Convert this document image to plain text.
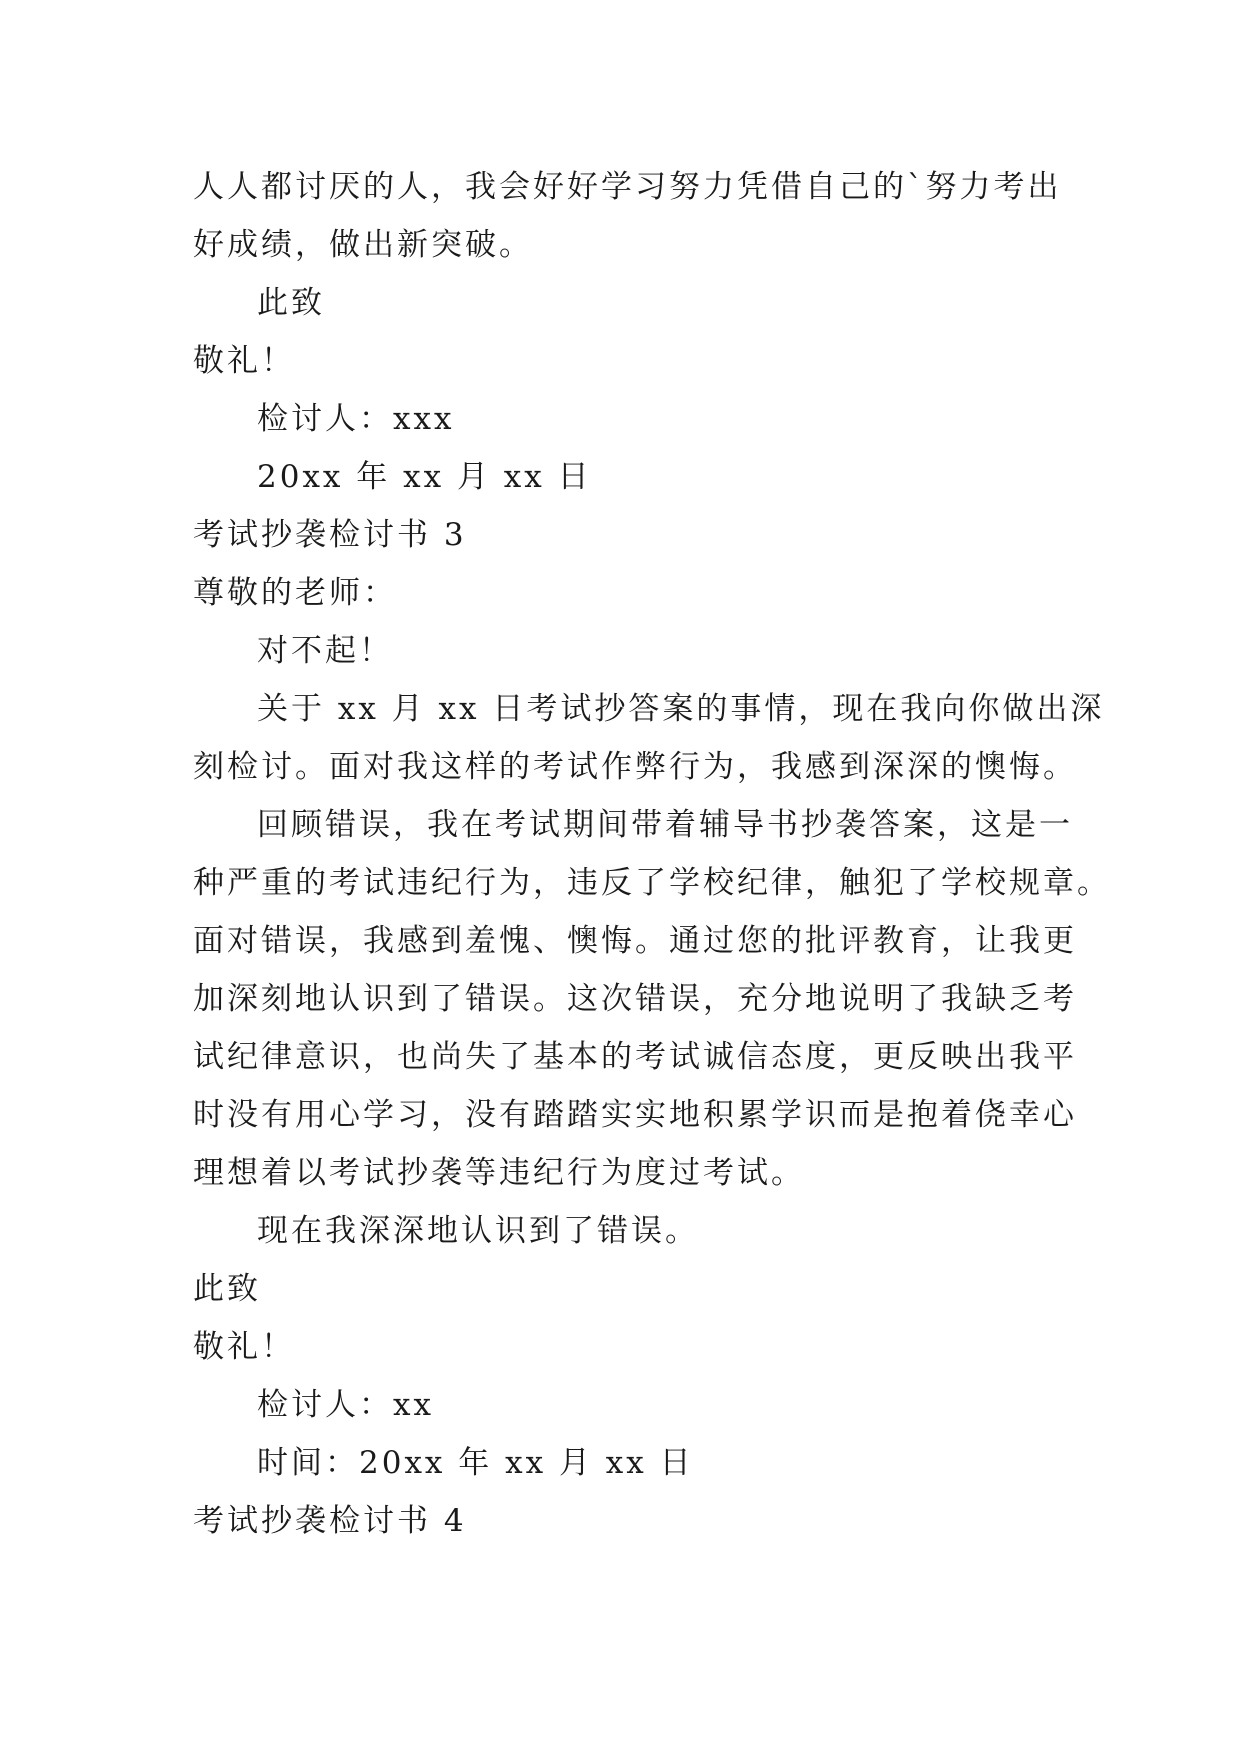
人人都讨厌的人，我会好好学习努力凭借自己的`努力考出
好成绩，做出新突破。
此致
敬礼！
检讨人：xxx
20xx 年 xx 月 xx 日
考试抄袭检讨书 3
尊敬的老师：
对不起！
关于 xx 月 xx 日考试抄答案的事情，现在我向你做出深
刻检讨。面对我这样的考试作弊行为，我感到深深的懊悔。
回顾错误，我在考试期间带着辅导书抄袭答案，这是一
种严重的考试违纪行为，违反了学校纪律，触犯了学校规章。
面对错误，我感到羞愧、懊悔。通过您的批评教育，让我更
加深刻地认识到了错误。这次错误，充分地说明了我缺乏考
试纪律意识，也尚失了基本的考试诚信态度，更反映出我平
时没有用心学习，没有踏踏实实地积累学识而是抱着侥幸心
理想着以考试抄袭等违纪行为度过考试。
现在我深深地认识到了错误。
此致
敬礼！
检讨人：xx
时间：20xx 年 xx 月 xx 日
考试抄袭检讨书 4
